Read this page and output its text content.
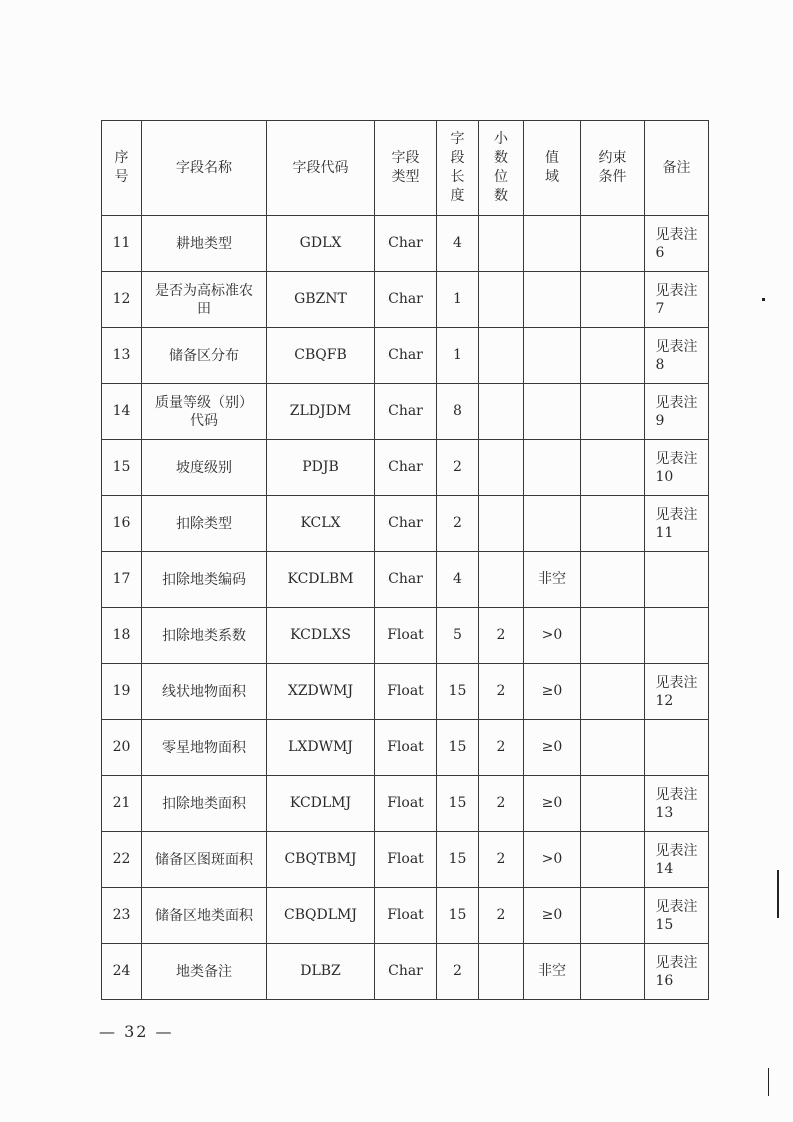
序号	字段名称	字段代码	字段类型	字段长度	小数位数	值域	约束条件	备注
11	耕地类型	GDLX	Char	4				见表注 6
12	是否为高标准农田	GBZNT	Char	1				见表注 7
13	储备区分布	CBQFB	Char	1				见表注 8
14	质量等级（别）代码	ZLDJDM	Char	8				见表注 9
15	坡度级别	PDJB	Char	2				见表注 10
16	扣除类型	KCLX	Char	2				见表注 11
17	扣除地类编码	KCDLBM	Char	4		非空		
18	扣除地类系数	KCDLXS	Float	5	2	>0		
19	线状地物面积	XZDWMJ	Float	15	2	≥0		见表注 12
20	零星地物面积	LXDWMJ	Float	15	2	≥0		
21	扣除地类面积	KCDLMJ	Float	15	2	≥0		见表注 13
22	储备区图斑面积	CBQTBMJ	Float	15	2	>0		见表注 14
23	储备区地类面积	CBQDLMJ	Float	15	2	≥0		见表注 15
24	地类备注	DLBZ	Char	2		非空		见表注 16
— 32 —
